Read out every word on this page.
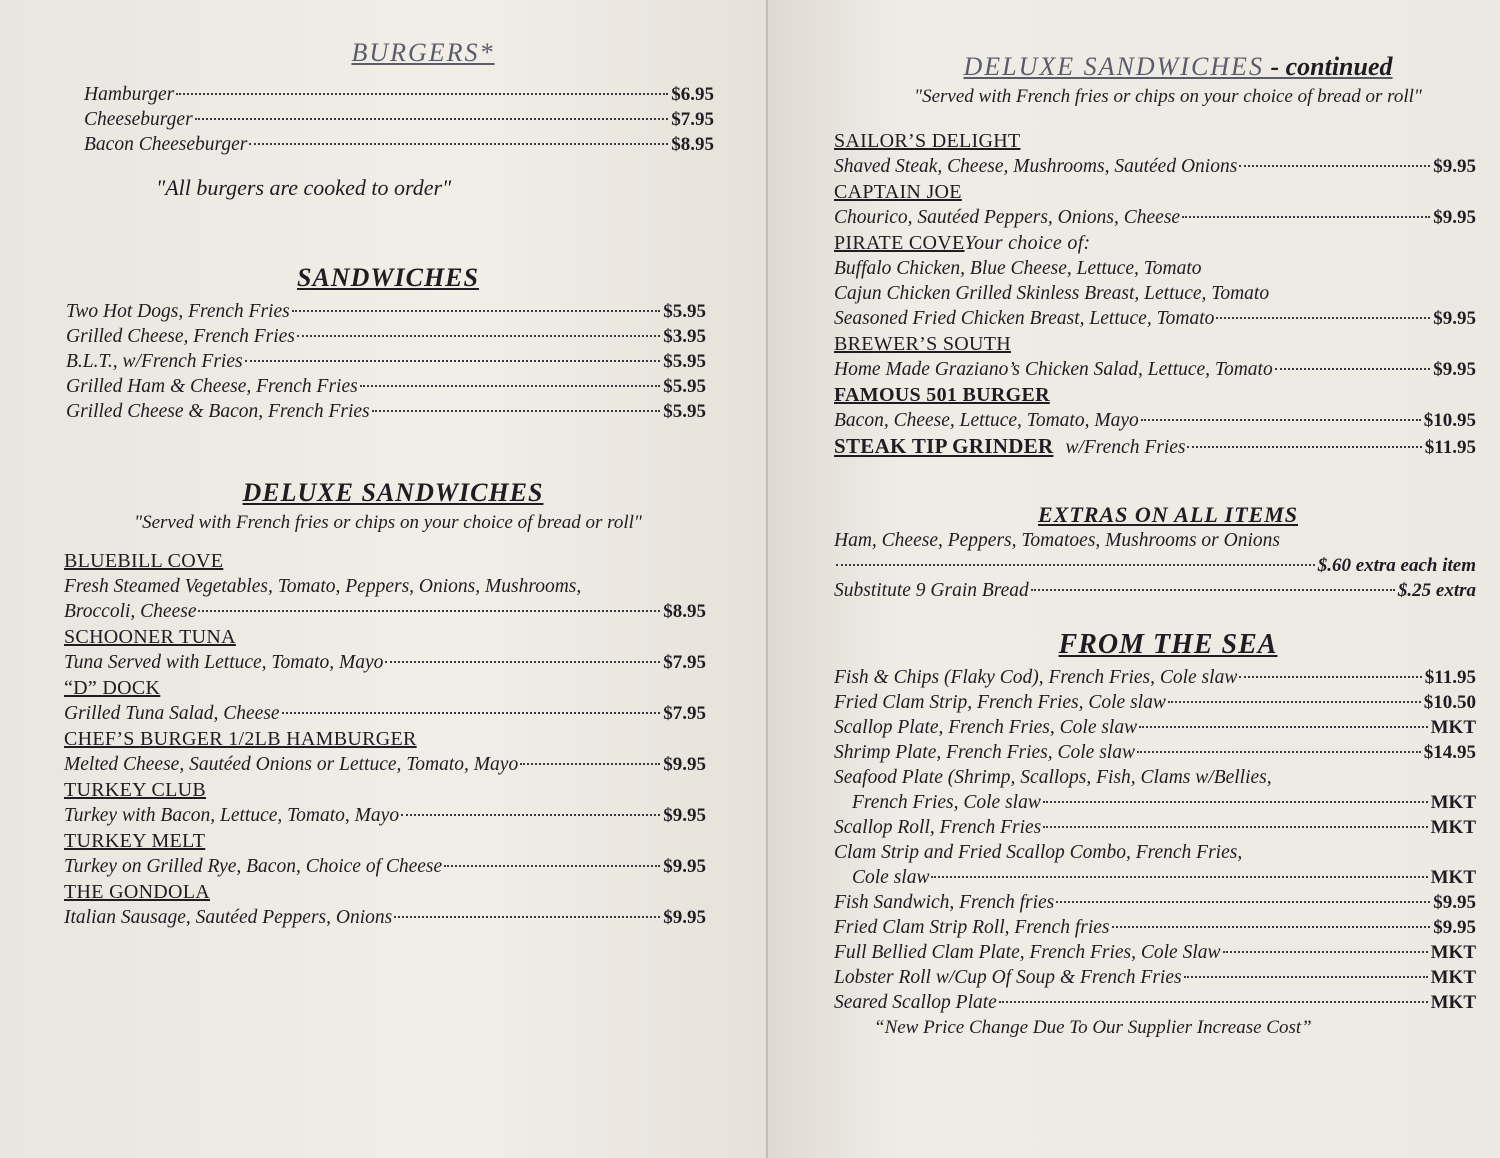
BURGERS*
Hamburger	$6.95
Cheeseburger	$7.95
Bacon Cheeseburger	$8.95

"All burgers are cooked to order"

SANDWICHES
Two Hot Dogs, French Fries	$5.95
Grilled Cheese, French Fries	$3.95
B.L.T., w/French Fries	$5.95
Grilled Ham & Cheese, French Fries	$5.95
Grilled Cheese & Bacon, French Fries	$5.95
DELUXE SANDWICHES

"Served with French fries or chips on your choice of bread or roll"

BLUEBILL COVE
Fresh Steamed Vegetables, Tomato, Peppers, Onions, Mushrooms,
Broccoli, Cheese	$8.95
SCHOONER TUNA
Tuna Served with Lettuce, Tomato, Mayo	$7.95
“D” DOCK
Grilled Tuna Salad, Cheese	$7.95
CHEF’S BURGER 1/2LB HAMBURGER
Melted Cheese, Sautéed Onions or Lettuce, Tomato, Mayo	$9.95
TURKEY CLUB
Turkey with Bacon, Lettuce, Tomato, Mayo	$9.95
TURKEY MELT
Turkey on Grilled Rye, Bacon, Choice of Cheese	$9.95
THE GONDOLA
Italian Sausage, Sautéed Peppers, Onions	$9.95
DELUXE SANDWICHES - continued

"Served with French fries or chips on your choice of bread or roll"

SAILOR’S DELIGHT
Shaved Steak, Cheese, Mushrooms, Sautéed Onions	$9.95
CAPTAIN JOE
Chourico, Sautéed Peppers, Onions, Cheese	$9.95
PIRATE COVEYour choice of:
Buffalo Chicken, Blue Cheese, Lettuce, Tomato
Cajun Chicken Grilled Skinless Breast, Lettuce, Tomato
Seasoned Fried Chicken Breast, Lettuce, Tomato	$9.95
BREWER’S SOUTH
Home Made Graziano’s Chicken Salad, Lettuce, Tomato	$9.95
FAMOUS 501 BURGER
Bacon, Cheese, Lettuce, Tomato, Mayo	$10.95
STEAK TIP GRINDER w/French Fries	$11.95
EXTRAS ON ALL ITEMS
Ham, Cheese, Peppers, Tomatoes, Mushrooms or Onions
$.60 extra each item
Substitute 9 Grain Bread	$.25 extra
FROM THE SEA
Fish & Chips (Flaky Cod), French Fries, Cole slaw	$11.95
Fried Clam Strip, French Fries, Cole slaw	$10.50
Scallop Plate, French Fries, Cole slaw	MKT
Shrimp Plate, French Fries, Cole slaw	$14.95
Seafood Plate (Shrimp, Scallops, Fish, Clams w/Bellies,
French Fries, Cole slaw	MKT
Scallop Roll, French Fries	MKT
Clam Strip and Fried Scallop Combo, French Fries,
Cole slaw	MKT
Fish Sandwich, French fries	$9.95
Fried Clam Strip Roll, French fries	$9.95
Full Bellied Clam Plate, French Fries, Cole Slaw	MKT
Lobster Roll w/Cup Of Soup & French Fries	MKT
Seared Scallop Plate	MKT

“New Price Change Due To Our Supplier Increase Cost”
